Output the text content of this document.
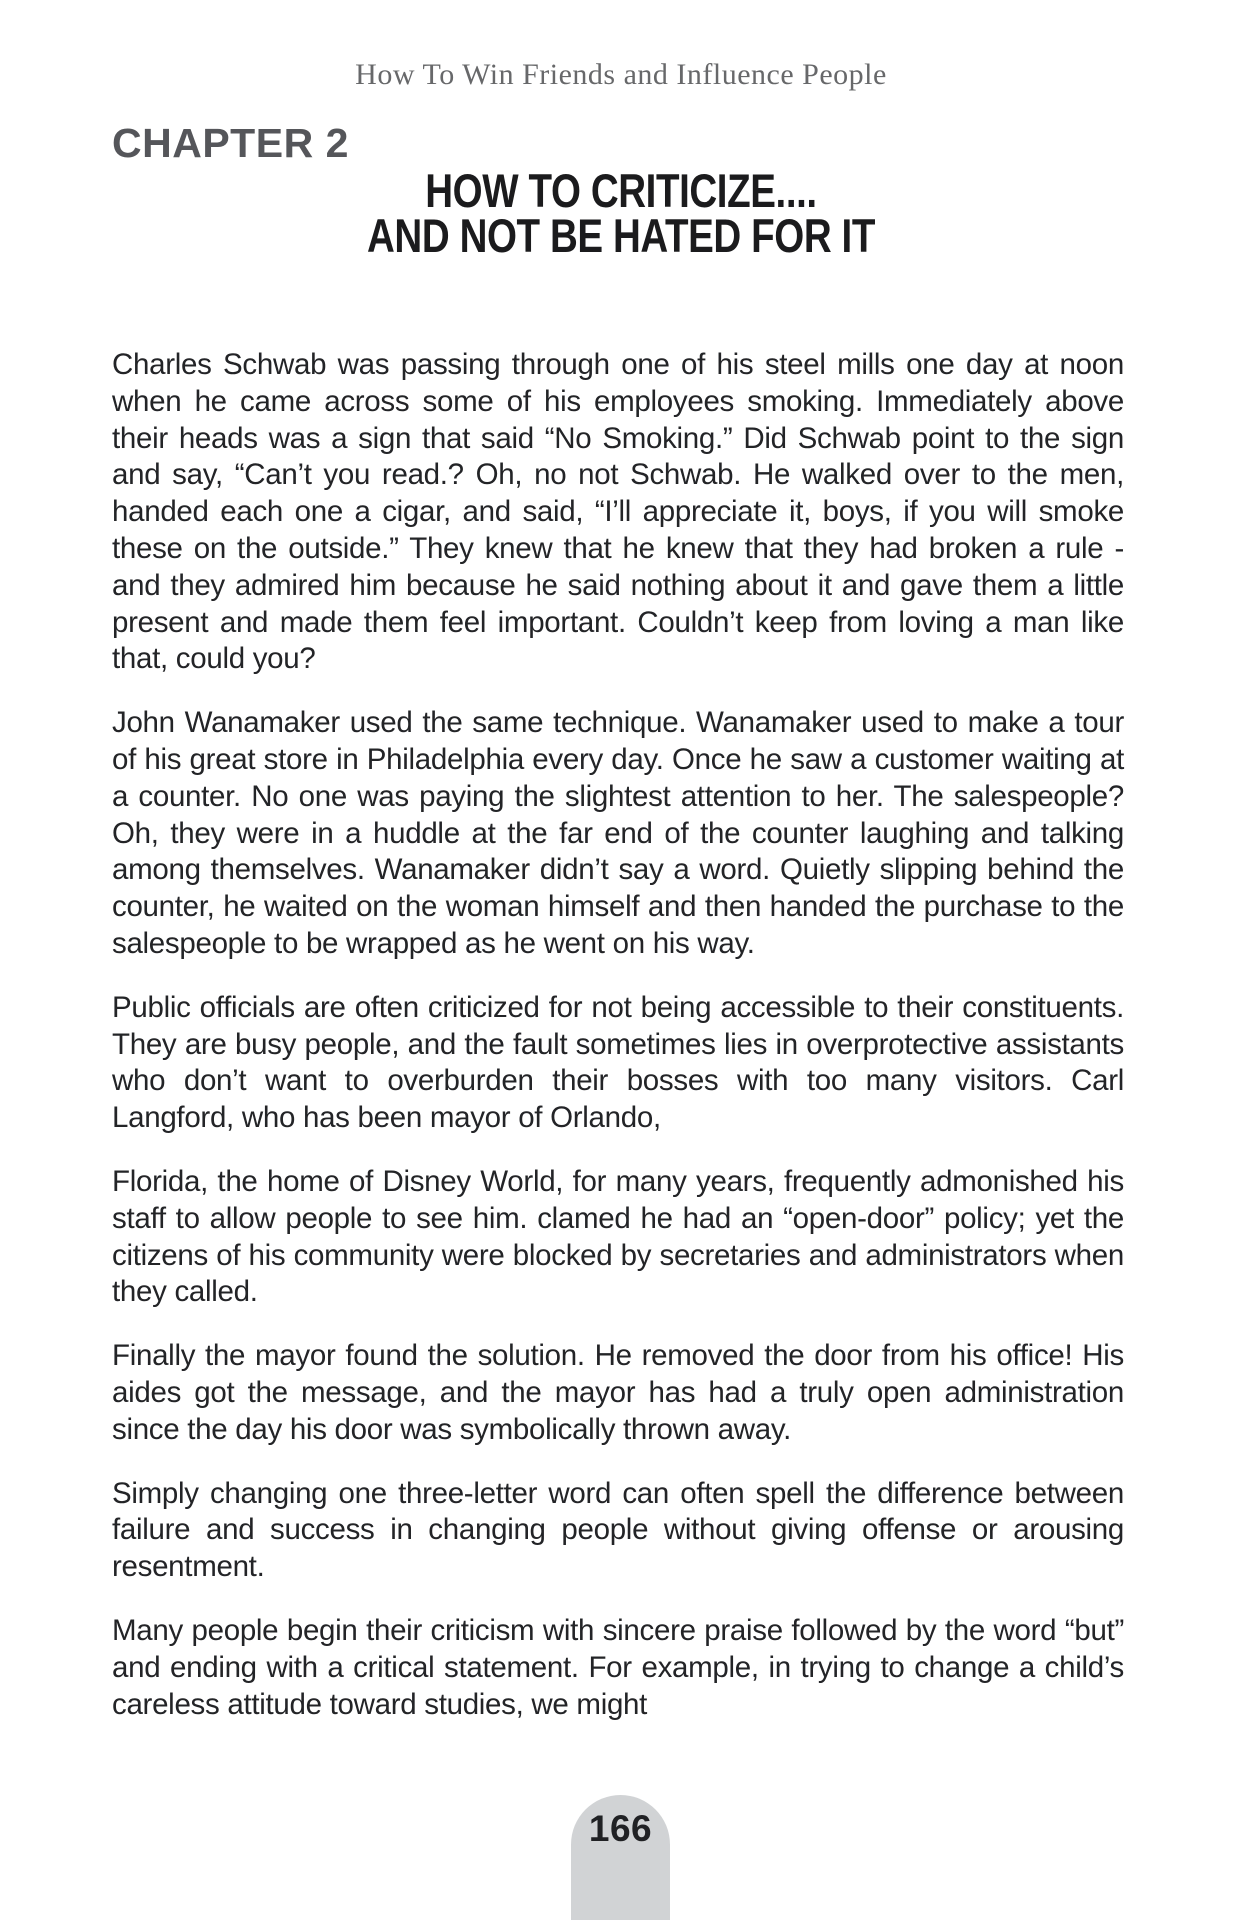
How To Win Friends and Influence People
CHAPTER 2
HOW TO CRITICIZE....
AND NOT BE HATED FOR IT

Charles Schwab was passing through one of his steel mills one day at noon when he came across some of his employees smoking. Immediately above their heads was a sign that said “No Smoking.” Did Schwab point to the sign and say, “Can’t you read.? Oh, no not Schwab. He walked over to the men, handed each one a cigar, and said, “I’ll appreciate it, boys, if you will smoke these on the outside.” They knew that he knew that they had broken a rule - and they admired him because he said nothing about it and gave them a little present and made them feel important. Couldn’t keep from loving a man like that, could you?

John Wanamaker used the same technique. Wanamaker used to make a tour of his great store in Philadelphia every day. Once he saw a customer waiting at a counter. No one was paying the slightest attention to her. The salespeople? Oh, they were in a huddle at the far end of the counter laughing and talking among themselves. Wanamaker didn’t say a word. Quietly slipping behind the counter, he waited on the woman himself and then handed the purchase to the salespeople to be wrapped as he went on his way.

Public officials are often criticized for not being accessible to their constituents. They are busy people, and the fault sometimes lies in overprotective assistants who don’t want to overburden their bosses with too many visitors. Carl Langford, who has been mayor of Orlando,

Florida, the home of Disney World, for many years, frequently admonished his staff to allow people to see him. clamed he had an “open-door” policy; yet the citizens of his community were blocked by secretaries and administrators when they called.

Finally the mayor found the solution. He removed the door from his office! His aides got the message, and the mayor has had a truly open administration since the day his door was symbolically thrown away.

Simply changing one three-letter word can often spell the difference between failure and success in changing people without giving offense or arousing resentment.

Many people begin their criticism with sincere praise followed by the word “but” and ending with a critical statement. For example, in trying to change a child’s careless attitude toward studies, we might

166
